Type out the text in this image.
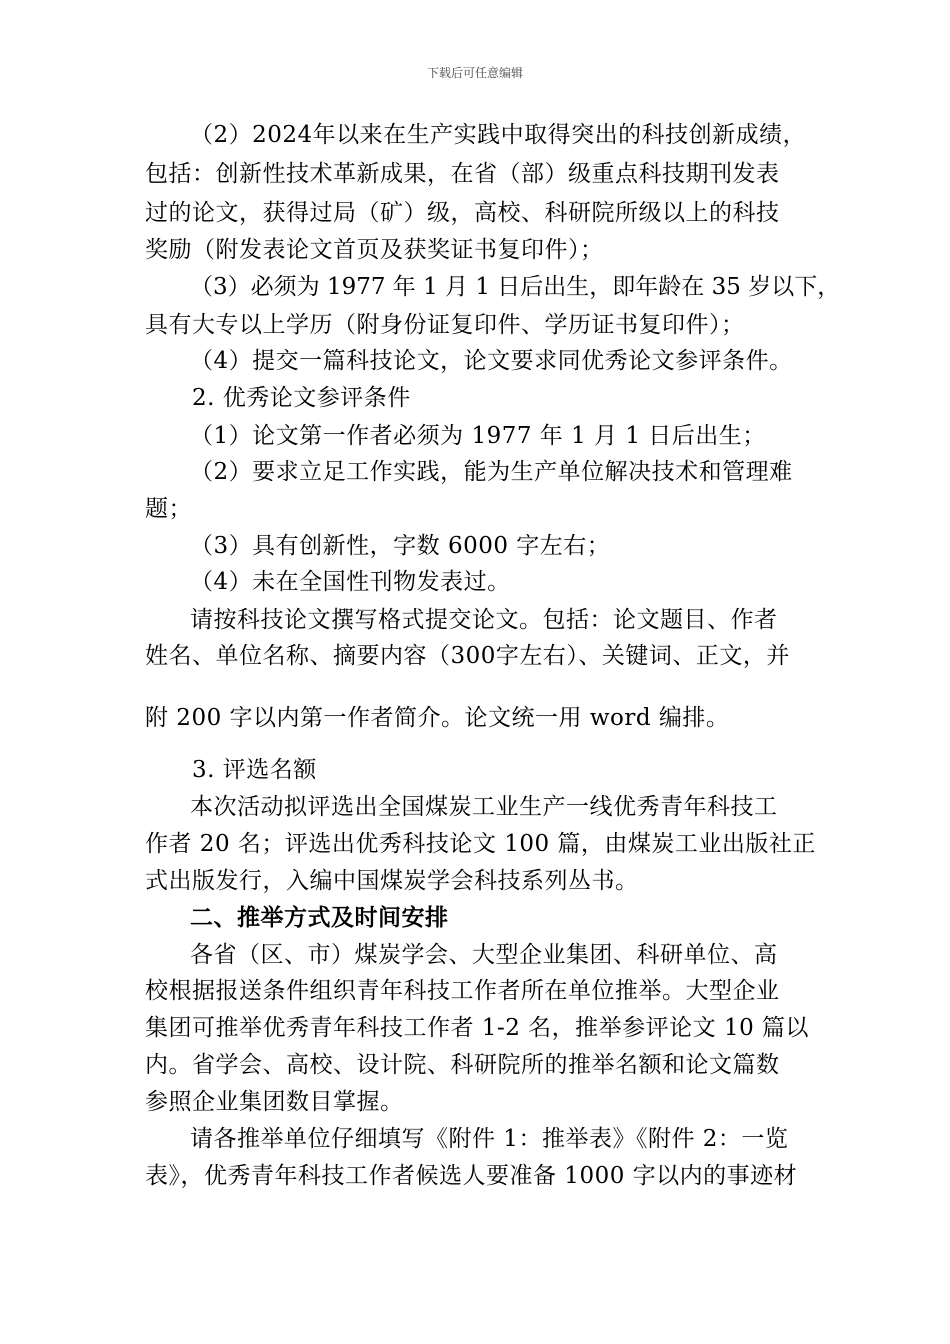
下载后可任意编辑
（2）2024年以来在生产实践中取得突出的科技创新成绩，
包括：创新性技术革新成果，在省（部）级重点科技期刊发表
过的论文，获得过局（矿）级，高校、科研院所级以上的科技
奖励（附发表论文首页及获奖证书复印件）；
（3）必须为 1977 年 1 月 1 日后出生，即年龄在 35 岁以下，
具有大专以上学历（附身份证复印件、学历证书复印件）；
（4）提交一篇科技论文，论文要求同优秀论文参评条件。
2. 优秀论文参评条件
（1）论文第一作者必须为 1977 年 1 月 1 日后出生；
（2）要求立足工作实践，能为生产单位解决技术和管理难
题；
（3）具有创新性，字数 6000 字左右；
（4）未在全国性刊物发表过。
请按科技论文撰写格式提交论文。包括：论文题目、作者
姓名、单位名称、摘要内容（300字左右）、关键词、正文，并
附 200 字以内第一作者简介。论文统一用 word 编排。
3. 评选名额
本次活动拟评选出全国煤炭工业生产一线优秀青年科技工
作者 20 名；评选出优秀科技论文 100 篇，由煤炭工业出版社正
式出版发行，入编中国煤炭学会科技系列丛书。
二、推举方式及时间安排
各省（区、市）煤炭学会、大型企业集团、科研单位、高
校根据报送条件组织青年科技工作者所在单位推举。大型企业
集团可推举优秀青年科技工作者 1-2 名，推举参评论文 10 篇以
内。省学会、高校、设计院、科研院所的推举名额和论文篇数
参照企业集团数目掌握。
请各推举单位仔细填写《附件 1：推举表》《附件 2：一览
表》，优秀青年科技工作者候选人要准备 1000 字以内的事迹材
